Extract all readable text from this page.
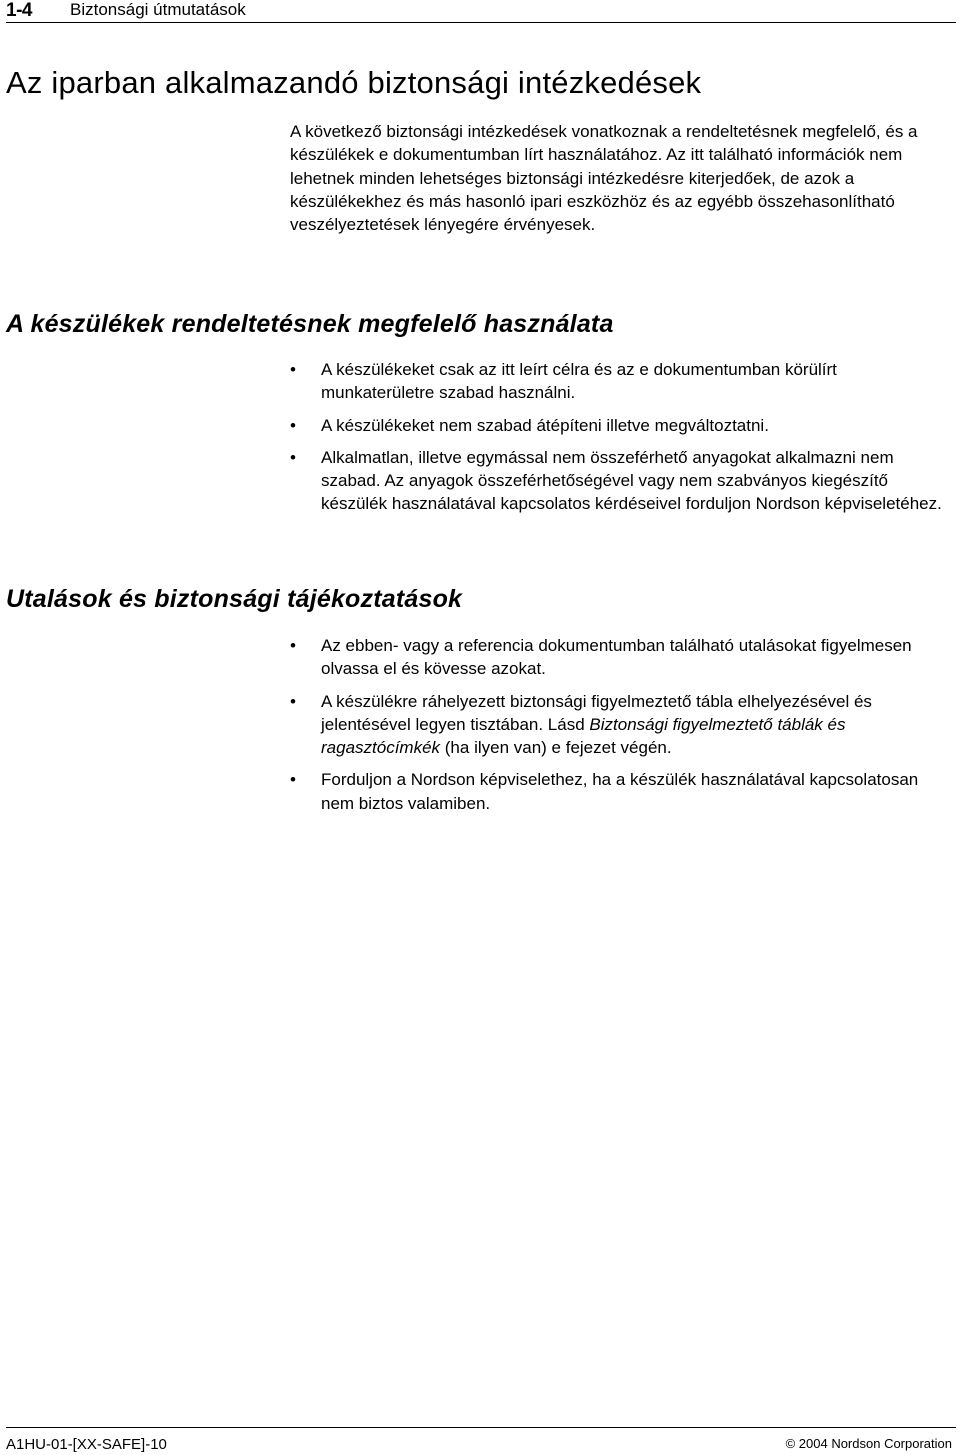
1-4 Biztonsági útmutatások
Az iparban alkalmazandó biztonsági intézkedések

A következő biztonsági intézkedések vonatkoznak a rendeltetésnek megfelelő, és a készülékek e dokumentumban lírt használatához. Az itt található információk nem lehetnek minden lehetséges biztonsági intézkedésre kiterjedőek, de azok a készülékekhez és más hasonló ipari eszközhöz és az egyébb összehasonlítható veszélyeztetések lényegére érvényesek.

A készülékek rendeltetésnek megfelelő használata
• A készülékeket csak az itt leírt célra és az e dokumentumban körülírt munkaterületre szabad használni.
• A készülékeket nem szabad átépíteni illetve megváltoztatni.
• Alkalmatlan, illetve egymással nem összeférhető anyagokat alkalmazni nem szabad. Az anyagok összeférhetőségével vagy nem szabványos kiegészítő készülék használatával kapcsolatos kérdéseivel forduljon Nordson képviseletéhez.
Utalások és biztonsági tájékoztatások
• Az ebben- vagy a referencia dokumentumban található utalásokat figyelmesen olvassa el és kövesse azokat.
• A készülékre ráhelyezett biztonsági figyelmeztető tábla elhelyezésével és jelentésével legyen tisztában. Lásd Biztonsági figyelmeztető táblák és ragasztócímkék (ha ilyen van) e fejezet végén.
• Forduljon a Nordson képviselethez, ha a készülék használatával kapcsolatosan nem biztos valamiben.
A1HU-01-[XX-SAFE]-10	© 2004 Nordson Corporation
